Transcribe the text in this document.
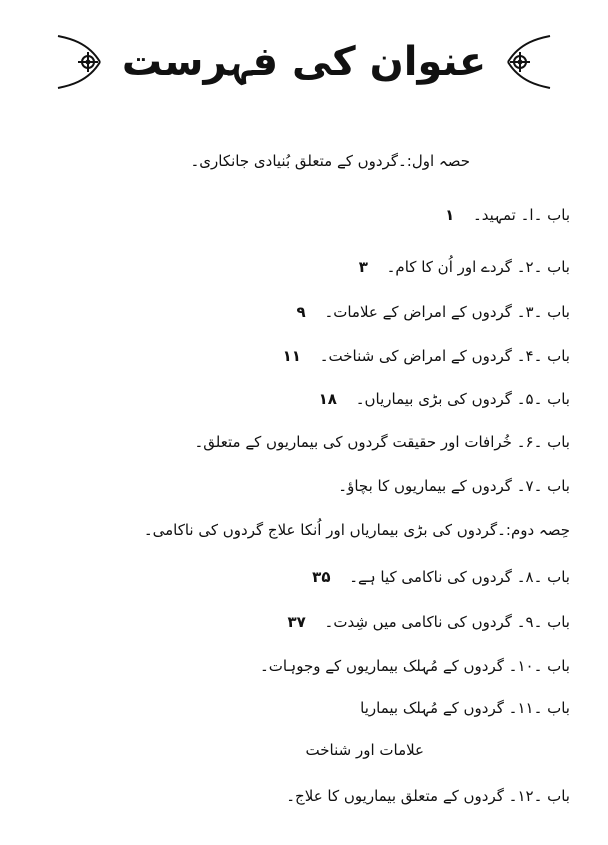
عنوان کی فہرست
حصہ اول:۔گردوں کے متعلق بُنیادی جانکاری۔
باب ۔ا۔ تمہید۔ ۱
باب ۔۲۔ گردے اور اُن کا کام۔ ۳
باب ۔۳۔ گردوں کے امراض کے علامات۔ ۹
باب ۔۴۔ گردوں کے امراض کی شناخت۔ ۱۱
باب ۔۵۔ گردوں کی بڑی بیماریاں۔ ۱۸
باب ۔۶۔ خُرافات اور حقیقت گردوں کی بیماریوں کے متعلق۔
باب ۔۷۔ گردوں کے بیماریوں کا بچاؤ۔
حِصہ دوم:۔گردوں کی بڑی بیماریاں اور اُنکا علاج گردوں کی ناکامی۔
باب ۔۸۔ گردوں کی ناکامی کیا ہے۔ ۳۵
باب ۔۹۔ گردوں کی ناکامی میں شِدت۔ ۳۷
باب ۔۱۰۔ گردوں کے مُہلک بیماریوں کے وجوہات۔
باب ۔۱۱۔ گردوں کے مُہلک بیماریا
علامات اور شناخت
باب ۔۱۲۔ گردوں کے متعلق بیماریوں کا علاج۔
